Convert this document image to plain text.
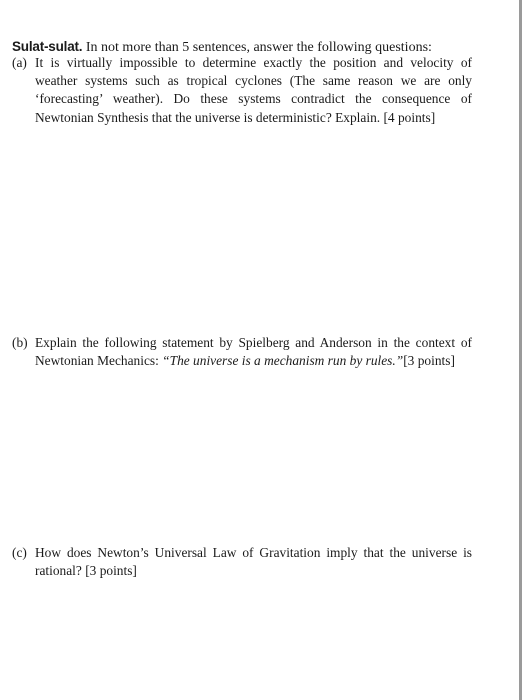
Sulat-sulat. In not more than 5 sentences, answer the following questions:
(a) It is virtually impossible to determine exactly the position and velocity of weather systems such as tropical cyclones (The same reason we are only ‘forecasting’ weather). Do these systems contradict the consequence of Newtonian Synthesis that the universe is deterministic? Explain. [4 points]
(b) Explain the following statement by Spielberg and Anderson in the context of Newtonian Mechanics: “The universe is a mechanism run by rules.”[3 points]
(c) How does Newton’s Universal Law of Gravitation imply that the universe is rational? [3 points]
